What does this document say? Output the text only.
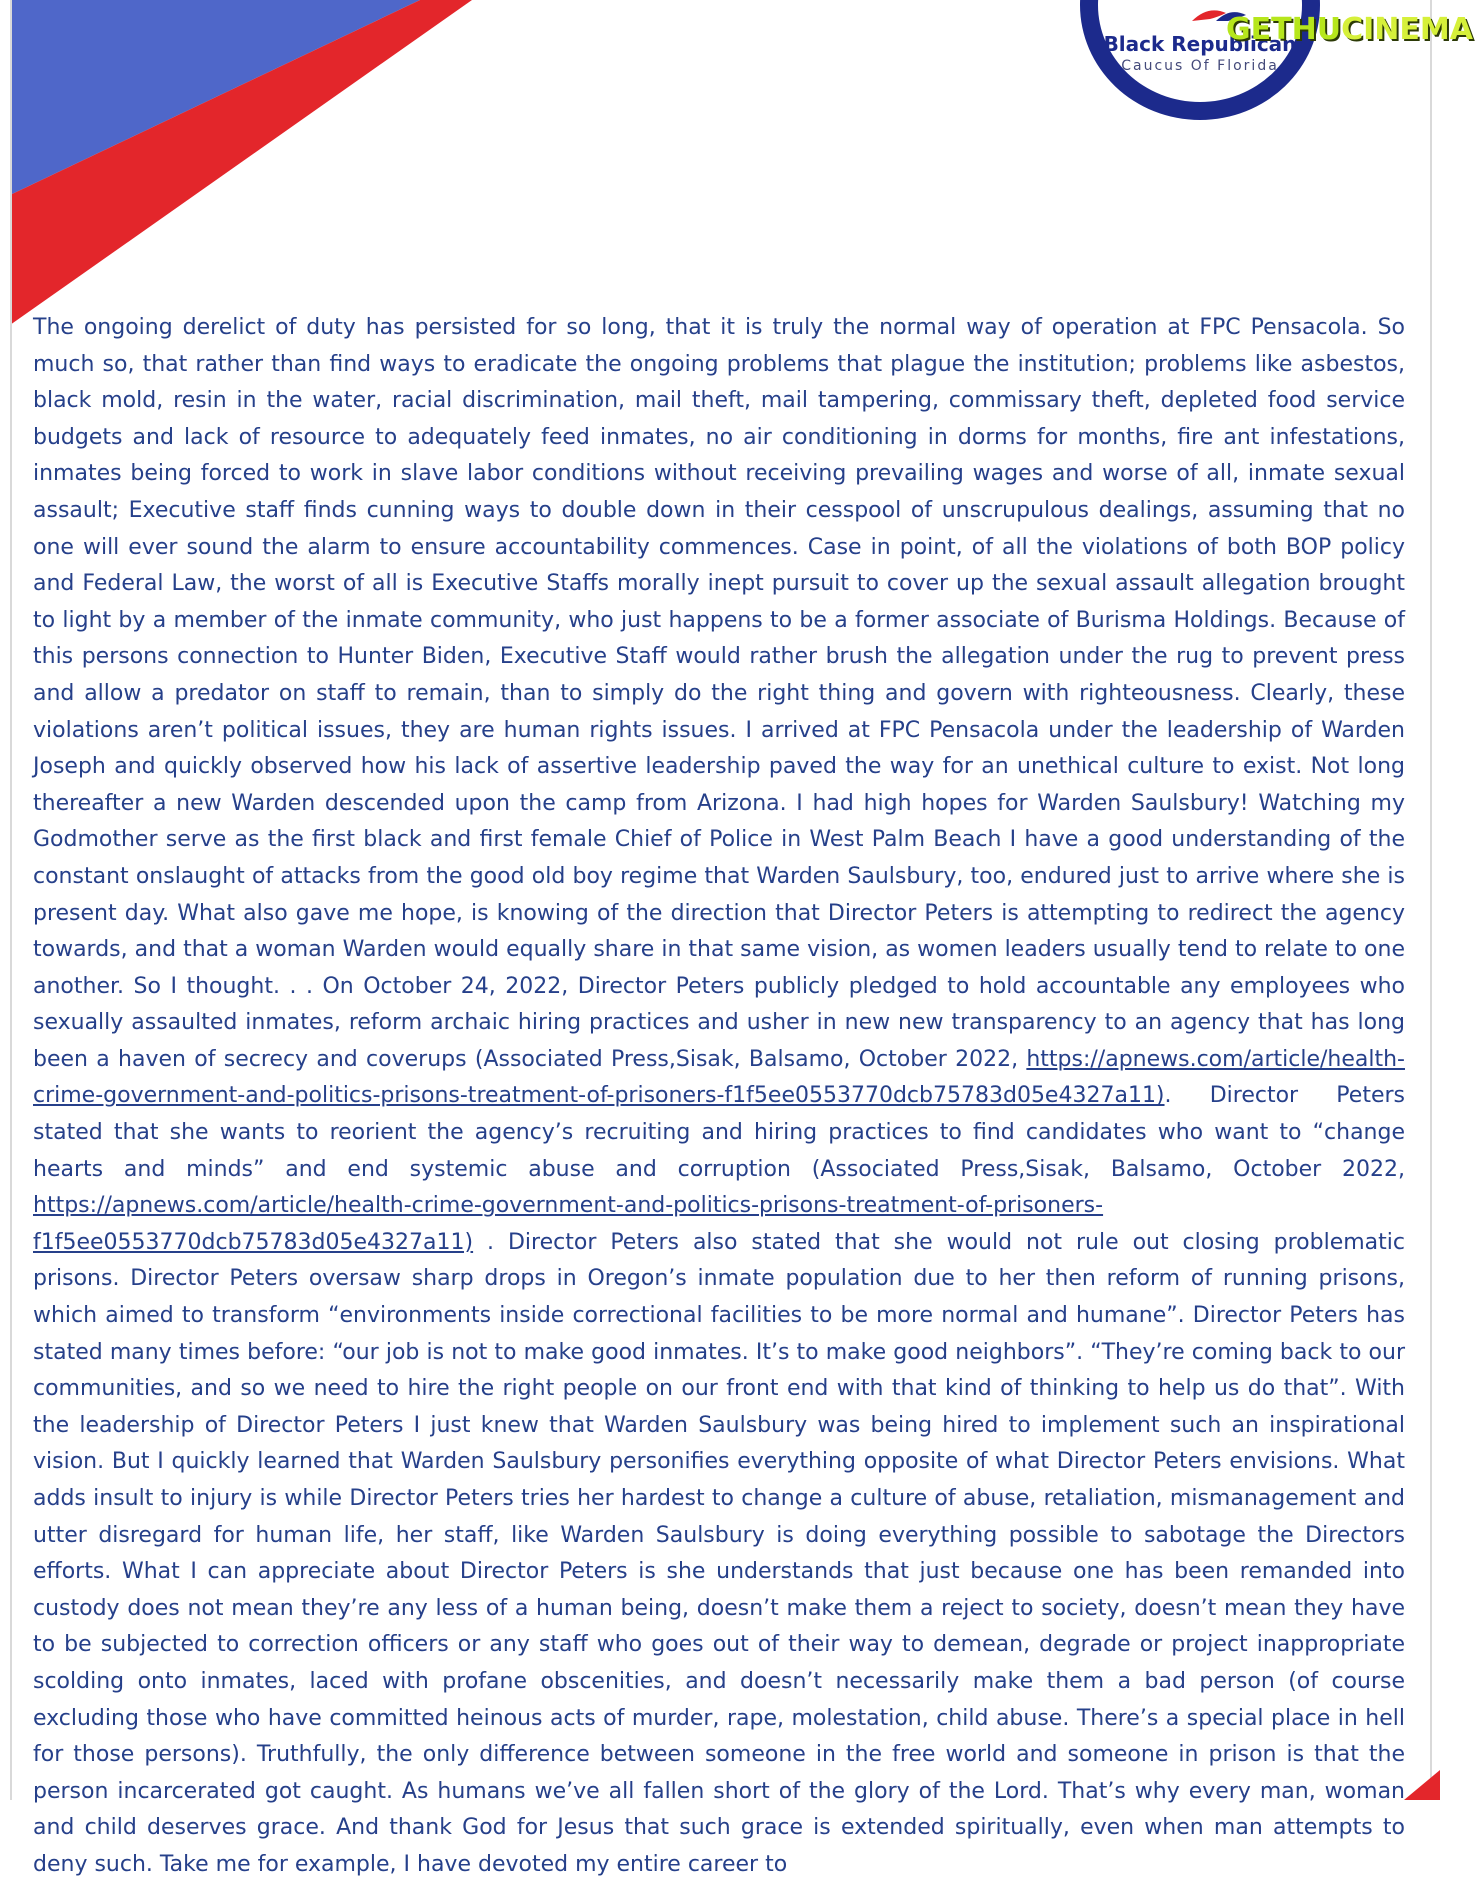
Black Republican
Caucus Of Florida
GETHUCINEMA

The ongoing derelict of duty has persisted for so long, that it is truly the normal way of operation at FPC Pensacola. So much so, that rather than find ways to eradicate the ongoing problems that plague the institution; problems like asbestos, black mold, resin in the water, racial discrimination, mail theft, mail tampering, commissary theft, depleted food service budgets and lack of resource to adequately feed inmates, no air conditioning in dorms for months, fire ant infestations, inmates being forced to work in slave labor conditions without receiving prevailing wages and worse of all, inmate sexual assault; Executive staff finds cunning ways to double down in their cesspool of unscrupulous dealings, assuming that no one will ever sound the alarm to ensure accountability commences. Case in point, of all the violations of both BOP policy and Federal Law, the worst of all is Executive Staffs morally inept pursuit to cover up the sexual assault allegation brought to light by a member of the inmate community, who just happens to be a former associate of Burisma Holdings. Because of this persons connection to Hunter Biden, Executive Staff would rather brush the allegation under the rug to prevent press and allow a predator on staff to remain, than to simply do the right thing and govern with righteousness. Clearly, these violations aren’t political issues, they are human rights issues. I arrived at FPC Pensacola under the leadership of Warden Joseph and quickly observed how his lack of assertive leadership paved the way for an unethical culture to exist. Not long thereafter a new Warden descended upon the camp from Arizona. I had high hopes for Warden Saulsbury! Watching my Godmother serve as the first black and first female Chief of Police in West Palm Beach I have a good understanding of the constant onslaught of attacks from the good old boy regime that Warden Saulsbury, too, endured just to arrive where she is present day. What also gave me hope, is knowing of the direction that Director Peters is attempting to redirect the agency towards, and that a woman Warden would equally share in that same vision, as women leaders usually tend to relate to one another. So I thought. . . On October 24, 2022, Director Peters publicly pledged to hold accountable any employees who sexually assaulted inmates, reform archaic hiring practices and usher in new new transparency to an agency that has long been a haven of secrecy and coverups (Associated Press,Sisak, Balsamo, October 2022, https://apnews.com/article/health-crime-government-and-politics-prisons-treatment-of-prisoners-f1f5ee0553770dcb75783d05e4327a11). Director Peters stated that she wants to reorient the agency’s recruiting and hiring practices to find candidates who want to “change hearts and minds” and end systemic abuse and corruption (Associated Press,Sisak, Balsamo, October 2022, https://apnews.com/article/health-crime-government-and-politics-prisons-treatment-of-prisoners-f1f5ee0553770dcb75783d05e4327a11) . Director Peters also stated that she would not rule out closing problematic prisons. Director Peters oversaw sharp drops in Oregon’s inmate population due to her then reform of running prisons, which aimed to transform “environments inside correctional facilities to be more normal and humane”. Director Peters has stated many times before: “our job is not to make good inmates. It’s to make good neighbors”. “They’re coming back to our communities, and so we need to hire the right people on our front end with that kind of thinking to help us do that”. With the leadership of Director Peters I just knew that Warden Saulsbury was being hired to implement such an inspirational vision. But I quickly learned that Warden Saulsbury personifies everything opposite of what Director Peters envisions. What adds insult to injury is while Director Peters tries her hardest to change a culture of abuse, retaliation, mismanagement and utter disregard for human life, her staff, like Warden Saulsbury is doing everything possible to sabotage the Directors efforts. What I can appreciate about Director Peters is she understands that just because one has been remanded into custody does not mean they’re any less of a human being, doesn’t make them a reject to society, doesn’t mean they have to be subjected to correction officers or any staff who goes out of their way to demean, degrade or project inappropriate scolding onto inmates, laced with profane obscenities, and doesn’t necessarily make them a bad person (of course excluding those who have committed heinous acts of murder, rape, molestation, child abuse. There’s a special place in hell for those persons). Truthfully, the only difference between someone in the free world and someone in prison is that the person incarcerated got caught. As humans we’ve all fallen short of the glory of the Lord. That’s why every man, woman and child deserves grace. And thank God for Jesus that such grace is extended spiritually, even when man attempts to deny such. Take me for example, I have devoted my entire career to
